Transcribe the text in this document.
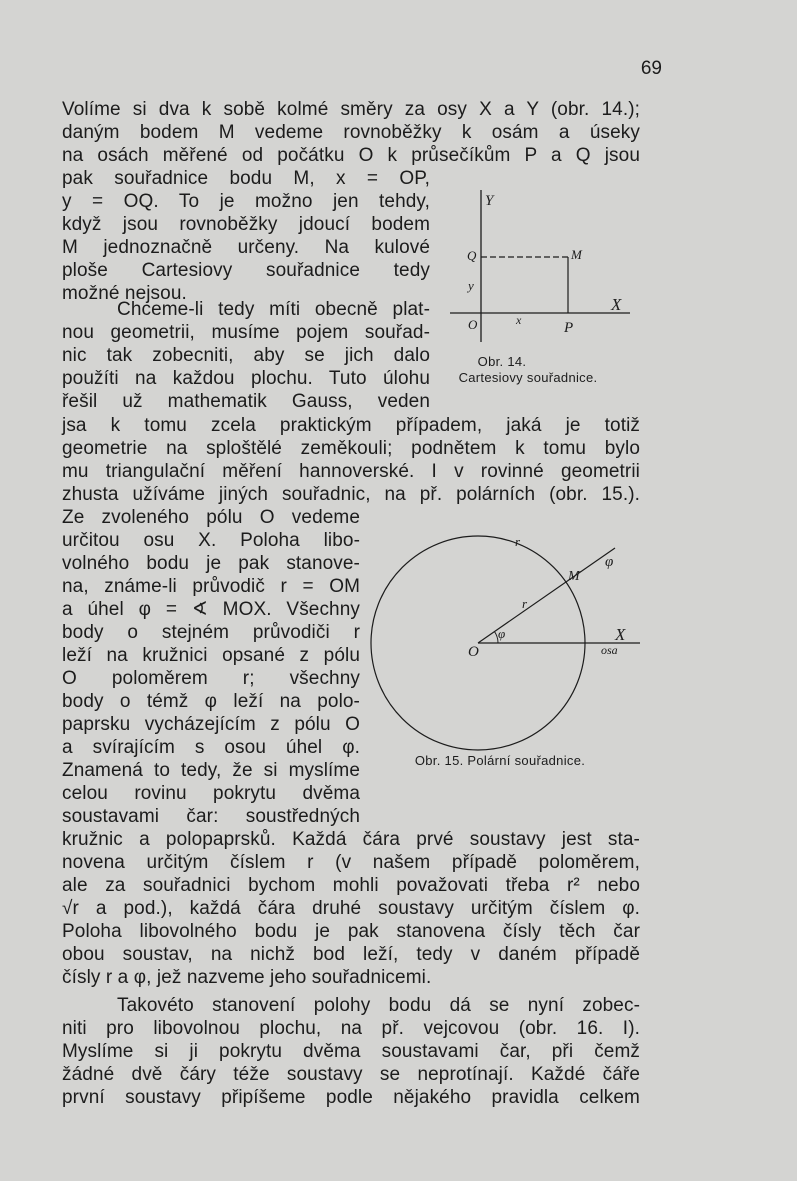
69
Volíme si dva k sobě kolmé směry za osy X a Y (obr. 14.);
daným bodem M vedeme rovnoběžky k osám a úseky
na osách měřené od počátku O k průsečíkům P a Q jsou
pak souřadnice bodu M, x = OP,
y = OQ. To je možno jen tehdy,
když jsou rovnoběžky jdoucí bodem
M jednoznačně určeny. Na kulové
ploše Cartesiovy souřadnice tedy
možné nejsou.
Chceme-li tedy míti obecně plat-
nou geometrii, musíme pojem souřad-
nic tak zobecniti, aby se jich dalo
použíti na každou plochu. Tuto úlohu
řešil už mathematik Gauss, veden
jsa k tomu zcela praktickým případem, jaká je totiž
geometrie na sploštělé zeměkouli; podnětem k tomu bylo
mu triangulační měření hannoverské. I v rovinné geometrii
zhusta užíváme jiných souřadnic, na př. polárních (obr. 15.).
Ze zvoleného pólu O vedeme
určitou osu X. Poloha libo-
volného bodu je pak stanove-
na, známe-li průvodič r = OM
a úhel φ = ∢ MOX. Všechny
body o stejném průvodiči r
leží na kružnici opsané z pólu
O poloměrem r; všechny
body o témž φ leží na polo-
paprsku vycházejícím z pólu O
a svírajícím s osou úhel φ.
Znamená to tedy, že si myslíme
celou rovinu pokrytu dvěma
soustavami čar: soustředných
kružnic a polopaprsků. Každá čára prvé soustavy jest sta-
novena určitým číslem r (v našem případě poloměrem,
ale za souřadnici bychom mohli považovati třeba r² nebo
√r a pod.), každá čára druhé soustavy určitým číslem φ.
Poloha libovolného bodu je pak stanovena čísly těch čar
obou soustav, na nichž bod leží, tedy v daném případě
čísly r a φ, jež nazveme jeho souřadnicemi.
Takovéto stanovení polohy bodu dá se nyní zobec-
niti pro libovolnou plochu, na př. vejcovou (obr. 16. I).
Myslíme si ji pokrytu dvěma soustavami čar, při čemž
žádné dvě čáry téže soustavy se neprotínají. Každé čáře
první soustavy připíšeme podle nějakého pravidla celkem
Y
Q	M
y
X
O	x	P
Obr. 14.
Cartesiovy souřadnice.
r
φ
M
r
φ	X
O	osa
Obr. 15. Polární souřadnice.
